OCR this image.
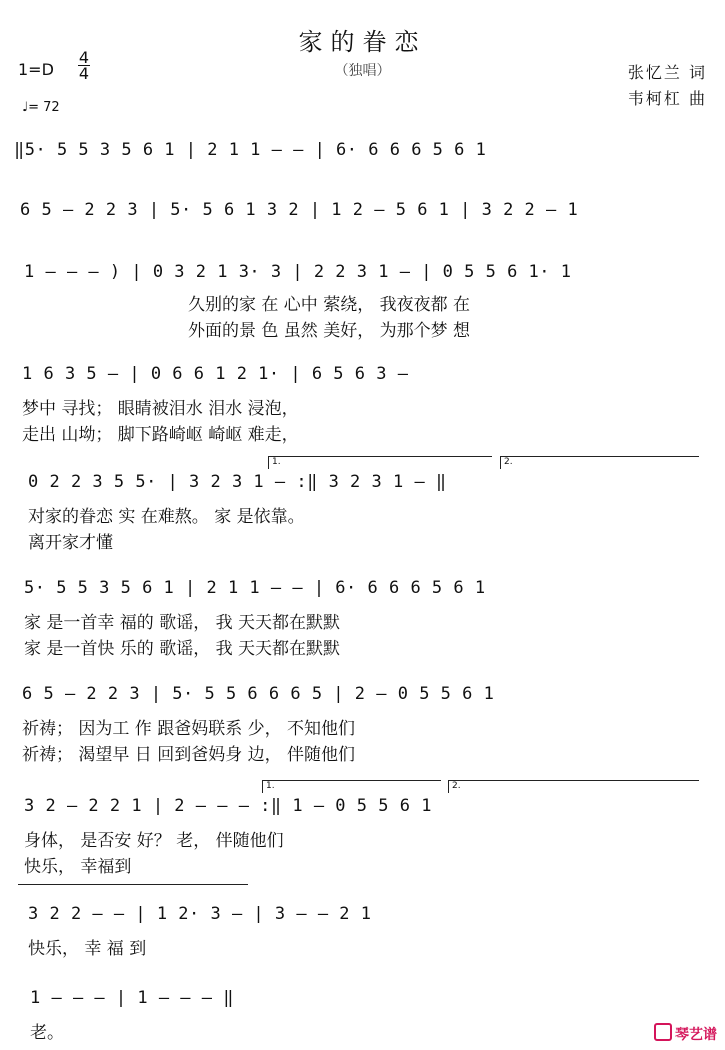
家的眷恋
（独唱）
1=D
4
4
♩= 72
张忆兰 词
韦柯杠 曲
‖5· 5 5 3 5 6 1 | 2 1 1 – – | 6· 6 6 6 5 6 1
6 5 – 2 2 3 | 5· 5 6 1 3 2 | 1 2 – 5 6 1 | 3 2 2 – 1
1 – – – ) | 0 3 2 1 3· 3 | 2 2 3 1 – | 0 5 5 6 1· 1
久别的家 在 心中 萦绕， 我夜夜都 在
外面的景 色 虽然 美好， 为那个梦 想
1 6 3 5 – | 0 6 6 1 2 1· | 6 5 6 3 –
梦中 寻找； 眼睛被泪水 泪水 浸泡，
走出 山坳； 脚下路崎岖 崎岖 难走，
1.	2.
0 2 2 3 5 5· | 3 2 3 1 – :‖ 3 2 3 1 – ‖
对家的眷恋 实 在难熬。 家 是依靠。
离开家才懂
5· 5 5 3 5 6 1 | 2 1 1 – – | 6· 6 6 6 5 6 1
家 是一首幸 福的 歌谣， 我 天天都在默默
家 是一首快 乐的 歌谣， 我 天天都在默默
6 5 – 2 2 3 | 5· 5 5 6 6 6 5 | 2 – 0 5 5 6 1
祈祷； 因为工 作 跟爸妈联系 少， 不知他们
祈祷； 渴望早 日 回到爸妈身 边， 伴随他们
1.	2.
3 2 – 2 2 1 | 2 – – – :‖ 1 – 0 5 5 6 1
身体， 是否安 好？ 老， 伴随他们
快乐， 幸福到
3 2 2 – – | 1 2· 3 – | 3 – – 2 1
快乐， 幸 福 到
1 – – – | 1 – – – ‖
老。	琴艺谱
